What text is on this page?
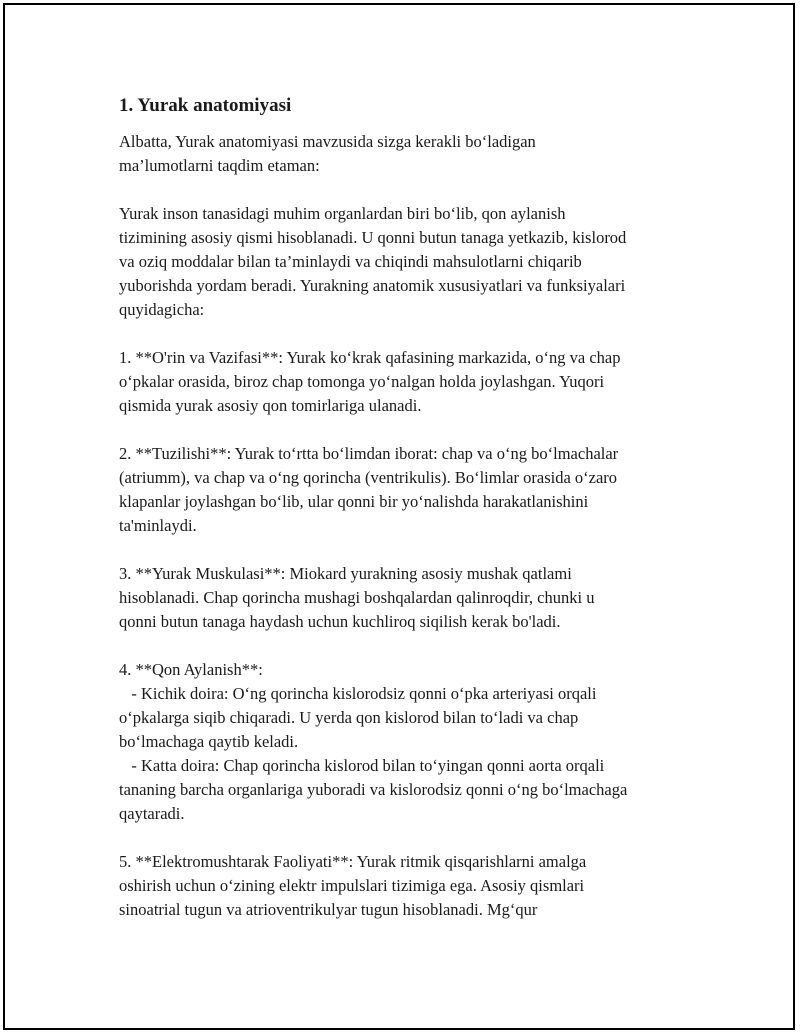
1. Yurak anatomiyasi
Albatta, Yurak anatomiyasi mavzusida sizga kerakli bo‘ladigan
ma’lumotlarni taqdim etaman:
Yurak inson tanasidagi muhim organlardan biri bo‘lib, qon aylanish
tizimining asosiy qismi hisoblanadi. U qonni butun tanaga yetkazib, kislorod
va oziq moddalar bilan ta’minlaydi va chiqindi mahsulotlarni chiqarib
yuborishda yordam beradi. Yurakning anatomik xususiyatlari va funksiyalari
quyidagicha:
1. **O'rin va Vazifasi**: Yurak ko‘krak qafasining markazida, o‘ng va chap
o‘pkalar orasida, biroz chap tomonga yo‘nalgan holda joylashgan. Yuqori
qismida yurak asosiy qon tomirlariga ulanadi.
2. **Tuzilishi**: Yurak to‘rtta bo‘limdan iborat: chap va o‘ng bo‘lmachalar
(atriumm), va chap va o‘ng qorincha (ventrikulis). Bo‘limlar orasida o‘zaro
klapanlar joylashgan bo‘lib, ular qonni bir yo‘nalishda harakatlanishini
ta'minlaydi.
3. **Yurak Muskulasi**: Miokard yurakning asosiy mushak qatlami
hisoblanadi. Chap qorincha mushagi boshqalardan qalinroqdir, chunki u
qonni butun tanaga haydash uchun kuchliroq siqilish kerak bo'ladi.
4. **Qon Aylanish**:
- Kichik doira: O‘ng qorincha kislorodsiz qonni o‘pka arteriyasi orqali
o‘pkalarga siqib chiqaradi. U yerda qon kislorod bilan to‘ladi va chap
bo‘lmachaga qaytib keladi.
- Katta doira: Chap qorincha kislorod bilan to‘yingan qonni aorta orqali
tananing barcha organlariga yuboradi va kislorodsiz qonni o‘ng bo‘lmachaga
qaytaradi.
5. **Elektromushtarak Faoliyati**: Yurak ritmik qisqarishlarni amalga
oshirish uchun o‘zining elektr impulslari tizimiga ega. Asosiy qismlari
sinoatrial tugun va atrioventrikulyar tugun hisoblanadi. Mg‘qur
